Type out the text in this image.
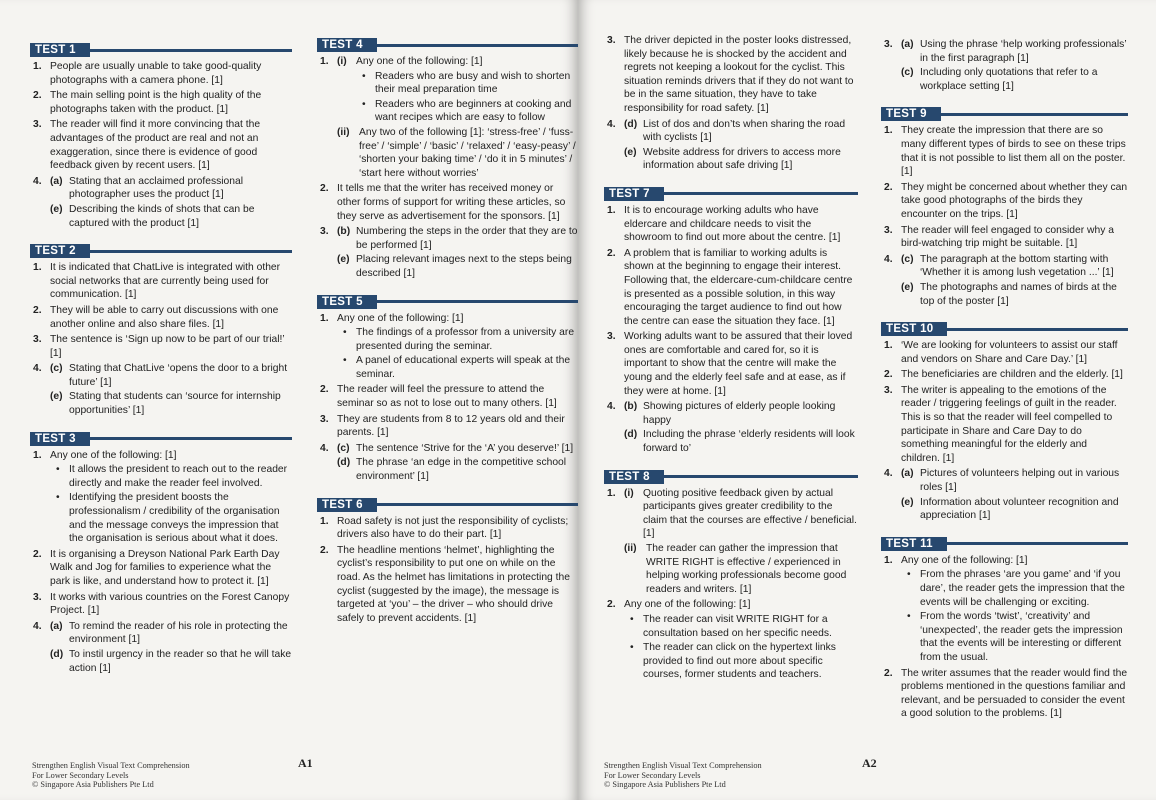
TEST 1
1. People are usually unable to take good-quality photographs with a camera phone. [1]
2. The main selling point is the high quality of the photographs taken with the product. [1]
3. The reader will find it more convincing that the advantages of the product are real and not an exaggeration, since there is evidence of good feedback given by recent users. [1]
4. (a) Stating that an acclaimed professional photographer uses the product [1]
(e) Describing the kinds of shots that can be captured with the product [1]
TEST 2
1. It is indicated that ChatLive is integrated with other social networks that are currently being used for communication. [1]
2. They will be able to carry out discussions with one another online and also share files. [1]
3. The sentence is ‘Sign up now to be part of our trial!’ [1]
4. (c) Stating that ChatLive ‘opens the door to a bright future’ [1]
(e) Stating that students can ‘source for internship opportunities’ [1]
TEST 3
1. Any one of the following: [1]
• It allows the president to reach out to the reader directly and make the reader feel involved.
• Identifying the president boosts the professionalism / credibility of the organisation and the message conveys the impression that the organisation is serious about what it does.
2. It is organising a Dreyson National Park Earth Day Walk and Jog for families to experience what the park is like, and understand how to protect it. [1]
3. It works with various countries on the Forest Canopy Project. [1]
4. (a) To remind the reader of his role in protecting the environment [1]
(d) To instil urgency in the reader so that he will take action [1]
TEST 4
1. (i) Any one of the following: [1]
• Readers who are busy and wish to shorten their meal preparation time
• Readers who are beginners at cooking and want recipes which are easy to follow
(ii) Any two of the following [1]: ‘stress-free’ / ‘fuss-free’ / ‘simple’ / ‘basic’ / ‘relaxed’ / ‘easy-peasy’ / ‘shorten your baking time’ / ‘do it in 5 minutes’ / ‘start here without worries’
2. It tells me that the writer has received money or other forms of support for writing these articles, so they serve as advertisement for the sponsors. [1]
3. (b) Numbering the steps in the order that they are to be performed [1]
(e) Placing relevant images next to the steps being described [1]
TEST 5
1. Any one of the following: [1]
• The findings of a professor from a university are presented during the seminar.
• A panel of educational experts will speak at the seminar.
2. The reader will feel the pressure to attend the seminar so as not to lose out to many others. [1]
3. They are students from 8 to 12 years old and their parents. [1]
4. (c) The sentence ‘Strive for the ‘A’ you deserve!’ [1]
(d) The phrase ‘an edge in the competitive school environment’ [1]
TEST 6
1. Road safety is not just the responsibility of cyclists; drivers also have to do their part. [1]
2. The headline mentions ‘helmet’, highlighting the cyclist’s responsibility to put one on while on the road. As the helmet has limitations in protecting the cyclist (suggested by the image), the message is targeted at ‘you’ – the driver – who should drive safely to prevent accidents. [1]
Strengthen English Visual Text Comprehension
For Lower Secondary Levels
© Singapore Asia Publishers Pte Ltd
A1
3. The driver depicted in the poster looks distressed, likely because he is shocked by the accident and regrets not keeping a lookout for the cyclist. This situation reminds drivers that if they do not want to be in the same situation, they have to take responsibility for road safety. [1]
4. (d) List of dos and don’ts when sharing the road with cyclists [1]
(e) Website address for drivers to access more information about safe driving [1]
TEST 7
1. It is to encourage working adults who have eldercare and childcare needs to visit the showroom to find out more about the centre. [1]
2. A problem that is familiar to working adults is shown at the beginning to engage their interest. Following that, the eldercare-cum-childcare centre is presented as a possible solution, in this way encouraging the target audience to find out how the centre can ease the situation they face. [1]
3. Working adults want to be assured that their loved ones are comfortable and cared for, so it is important to show that the centre will make the young and the elderly feel safe and at ease, as if they were at home. [1]
4. (b) Showing pictures of elderly people looking happy
(d) Including the phrase ‘elderly residents will look forward to’
TEST 8
1. (i) Quoting positive feedback given by actual participants gives greater credibility to the claim that the courses are effective / beneficial. [1]
(ii) The reader can gather the impression that WRITE RIGHT is effective / experienced in helping working professionals become good readers and writers. [1]
2. Any one of the following: [1]
• The reader can visit WRITE RIGHT for a consultation based on her specific needs.
• The reader can click on the hypertext links provided to find out more about specific courses, former students and teachers.
3. (a) Using the phrase ‘help working professionals’ in the first paragraph [1]
(c) Including only quotations that refer to a workplace setting [1]
TEST 9
1. They create the impression that there are so many different types of birds to see on these trips that it is not possible to list them all on the poster. [1]
2. They might be concerned about whether they can take good photographs of the birds they encounter on the trips. [1]
3. The reader will feel engaged to consider why a bird-watching trip might be suitable. [1]
4. (c) The paragraph at the bottom starting with ‘Whether it is among lush vegetation ...’ [1]
(e) The photographs and names of birds at the top of the poster [1]
TEST 10
1. ‘We are looking for volunteers to assist our staff and vendors on Share and Care Day.’ [1]
2. The beneficiaries are children and the elderly. [1]
3. The writer is appealing to the emotions of the reader / triggering feelings of guilt in the reader. This is so that the reader will feel compelled to participate in Share and Care Day to do something meaningful for the elderly and children. [1]
4. (a) Pictures of volunteers helping out in various roles [1]
(e) Information about volunteer recognition and appreciation [1]
TEST 11
1. Any one of the following: [1]
• From the phrases ‘are you game’ and ‘if you dare’, the reader gets the impression that the events will be challenging or exciting.
• From the words ‘twist’, ‘creativity’ and ‘unexpected’, the reader gets the impression that the events will be interesting or different from the usual.
2. The writer assumes that the reader would find the problems mentioned in the questions familiar and relevant, and be persuaded to consider the event a good solution to the problems. [1]
Strengthen English Visual Text Comprehension
For Lower Secondary Levels
© Singapore Asia Publishers Pte Ltd
A2
